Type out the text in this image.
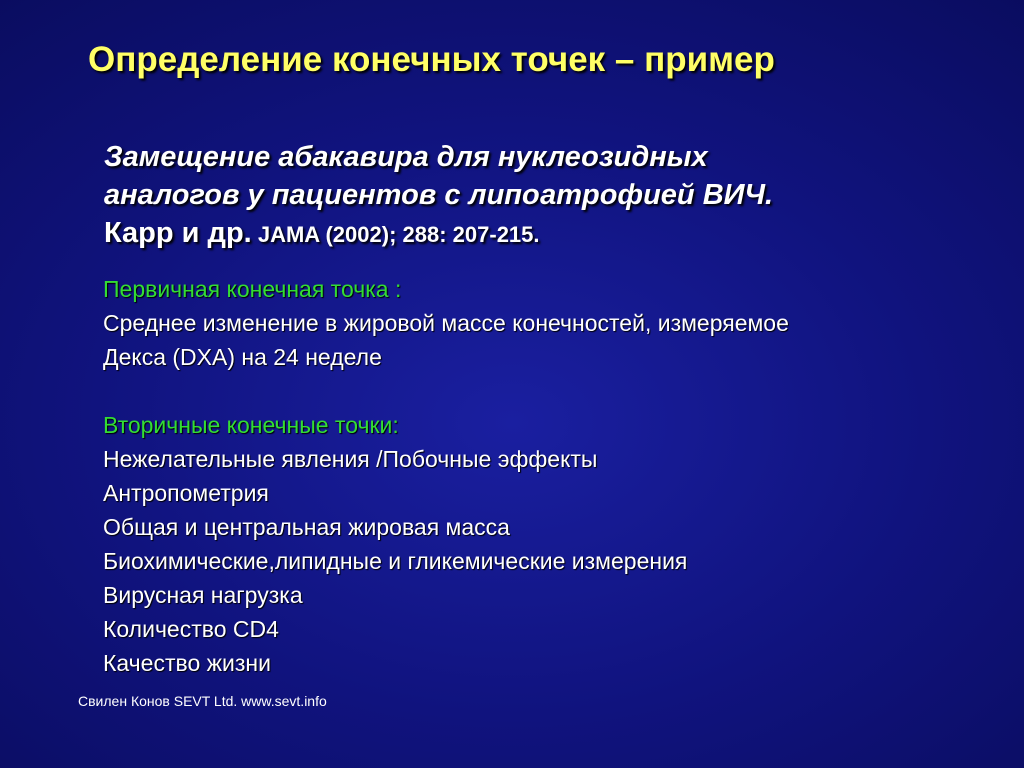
Определение конечных точек – пример
Замещение абакавира для нуклеозидных
аналогов у пациентов с липоатрофией ВИЧ.
Карр и др. JAMA (2002); 288: 207-215.
Первичная конечная точка :
Среднее изменение в жировой массе конечностей, измеряемое
Декса (DXA) на 24 неделе
Вторичные конечные точки:
Нежелательные явления /Побочные эффекты
Антропометрия
Общая и центральная жировая масса
Биохимические,липидные и гликемические измерения
Вирусная нагрузка
Количество CD4
Качество жизни
Свилен Конов SEVT Ltd. www.sevt.info
